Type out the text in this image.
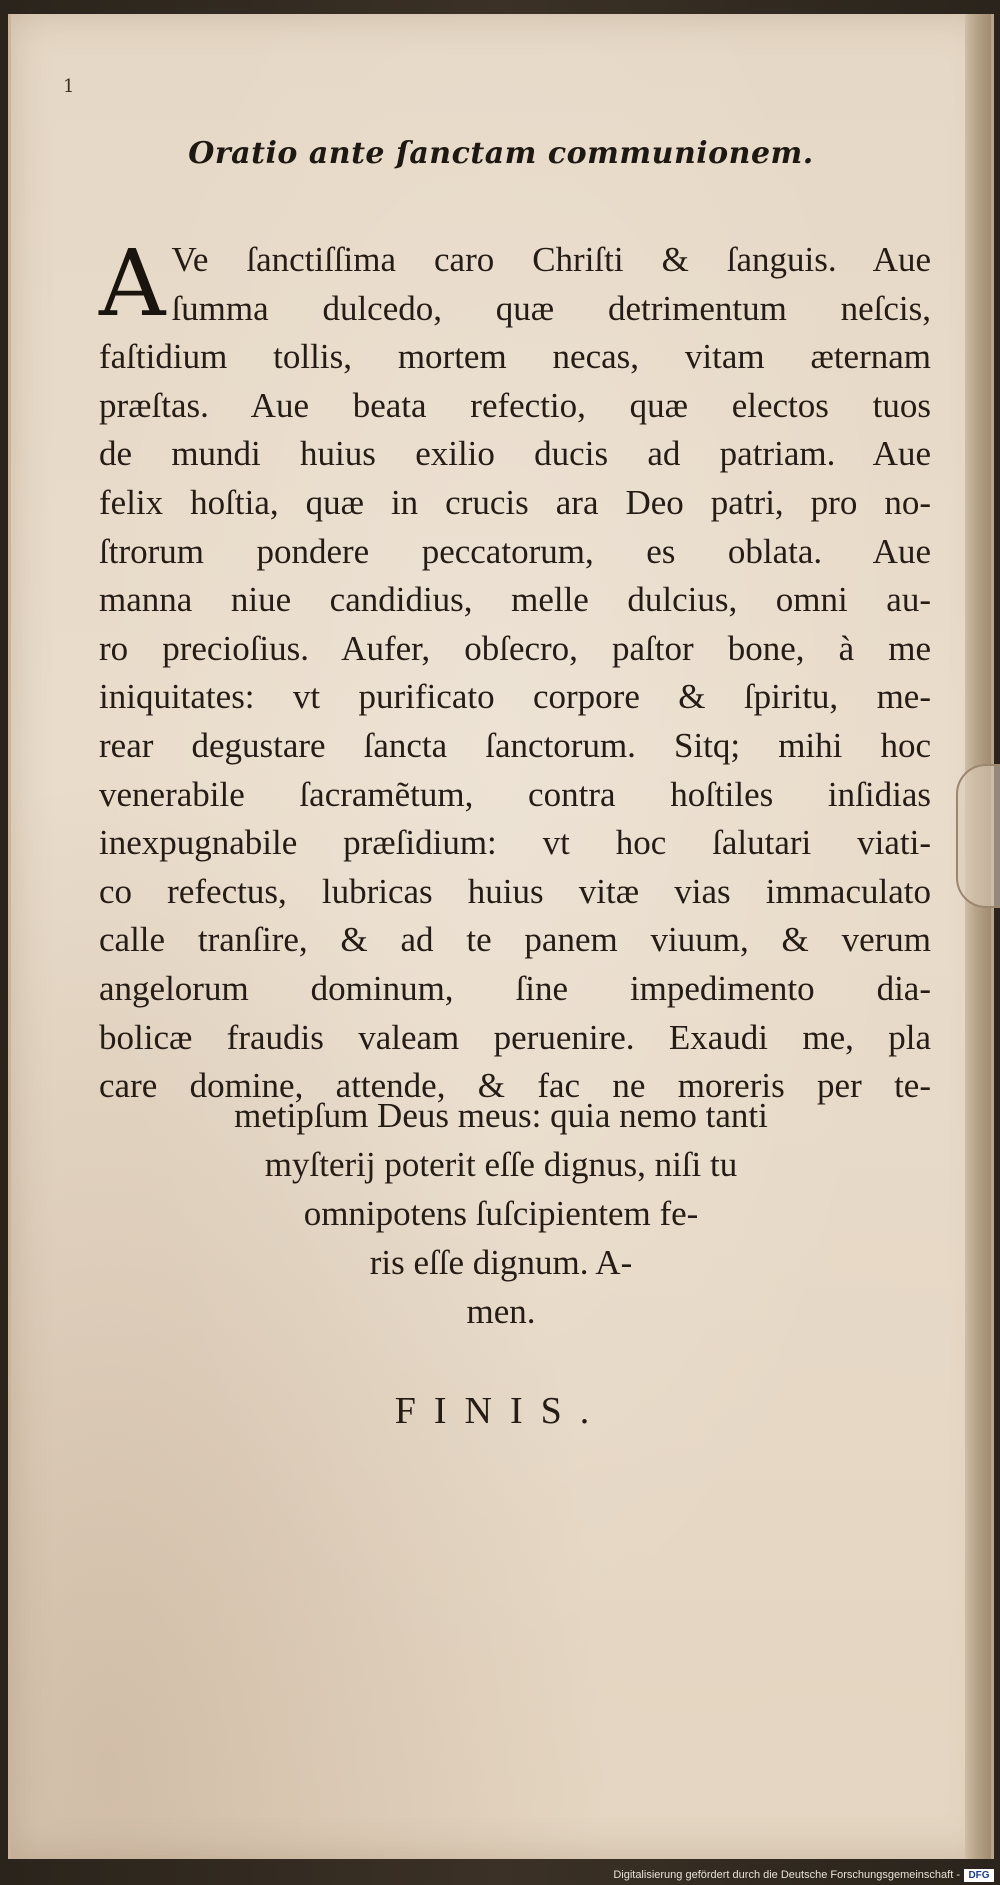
1
Oratio ante ſanctam communionem.
A Ve ſanctiſſima caro Chriſti & ſanguis. Aue
ſumma dulcedo, quæ detrimentum neſcis,
faſtidium tollis, mortem necas, vitam æternam
præſtas. Aue beata refectio, quæ electos tuos
de mundi huius exilio ducis ad patriam. Aue
felix hoſtia, quæ in crucis ara Deo patri, pro no-
ſtrorum pondere peccatorum, es oblata. Aue
manna niue candidius, melle dulcius, omni au-
ro precioſius. Aufer, obſecro, paſtor bone, à me
iniquitates: vt purificato corpore & ſpiritu, me-
rear degustare ſancta ſanctorum. Sitq; mihi hoc
venerabile ſacramẽtum, contra hoſtiles inſidias
inexpugnabile præſidium: vt hoc ſalutari viati-
co refectus, lubricas huius vitæ vias immaculato
calle tranſire, & ad te panem viuum, & verum
angelorum dominum, ſine impedimento dia-
bolicæ fraudis valeam peruenire. Exaudi me, pla
care domine, attende, & fac ne moreris per te-
metipſum Deus meus: quia nemo tanti
myſterij poterit eſſe dignus, niſi tu
omnipotens ſuſcipientem fe-
ris eſſe dignum. A-
men.
FINIS.
Digitalisierung gefördert durch die Deutsche Forschungsgemeinschaft - DFG
